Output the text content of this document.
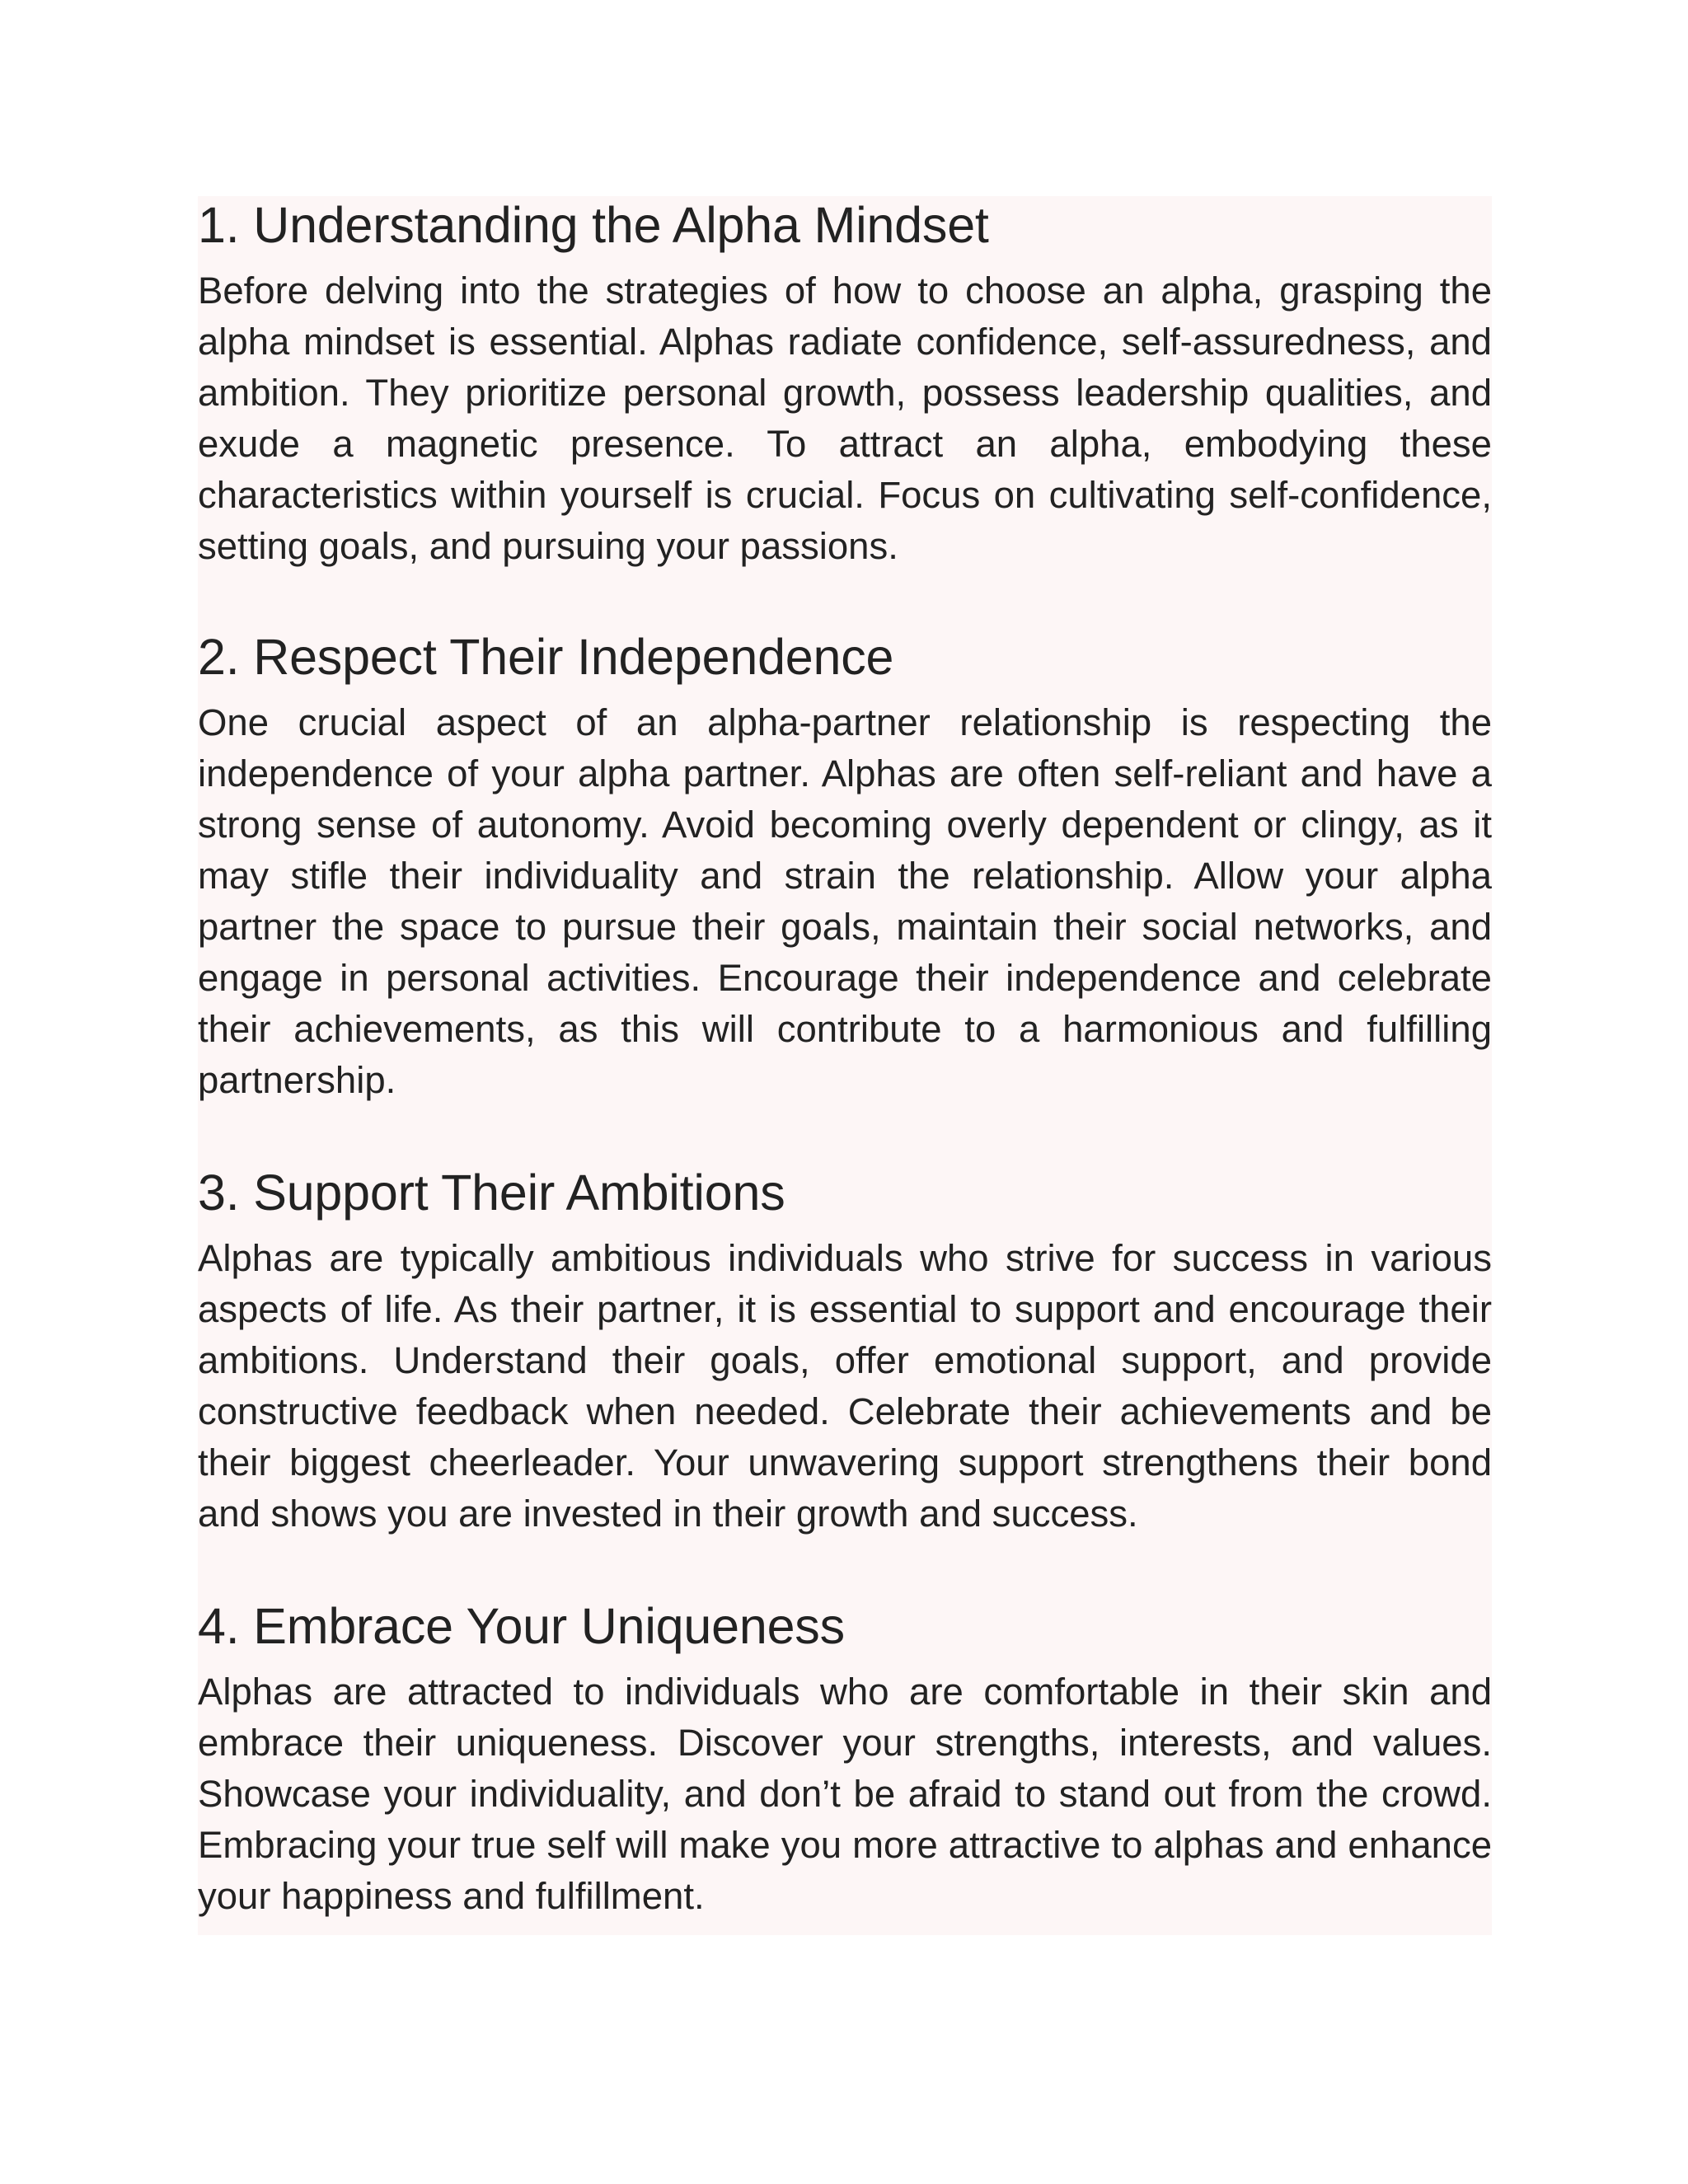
1. Understanding the Alpha Mindset

Before delving into the strategies of how to choose an alpha, grasping the alpha mindset is essential. Alphas radiate confidence, self-assuredness, and ambition. They prioritize personal growth, possess leadership qualities, and exude a magnetic presence. To attract an alpha, embodying these characteristics within yourself is crucial. Focus on cultivating self-confidence, setting goals, and pursuing your passions.

2. Respect Their Independence

One crucial aspect of an alpha-partner relationship is respecting the independence of your alpha partner. Alphas are often self-reliant and have a strong sense of autonomy. Avoid becoming overly dependent or clingy, as it may stifle their individuality and strain the relationship. Allow your alpha partner the space to pursue their goals, maintain their social networks, and engage in personal activities. Encourage their independence and celebrate their achievements, as this will contribute to a harmonious and fulfilling partnership.

3. Support Their Ambitions

Alphas are typically ambitious individuals who strive for success in various aspects of life. As their partner, it is essential to support and encourage their ambitions. Understand their goals, offer emotional support, and provide constructive feedback when needed. Celebrate their achievements and be their biggest cheerleader. Your unwavering support strengthens their bond and shows you are invested in their growth and success.

4. Embrace Your Uniqueness

Alphas are attracted to individuals who are comfortable in their skin and embrace their uniqueness. Discover your strengths, interests, and values. Showcase your individuality, and don’t be afraid to stand out from the crowd. Embracing your true self will make you more attractive to alphas and enhance your happiness and fulfillment.
